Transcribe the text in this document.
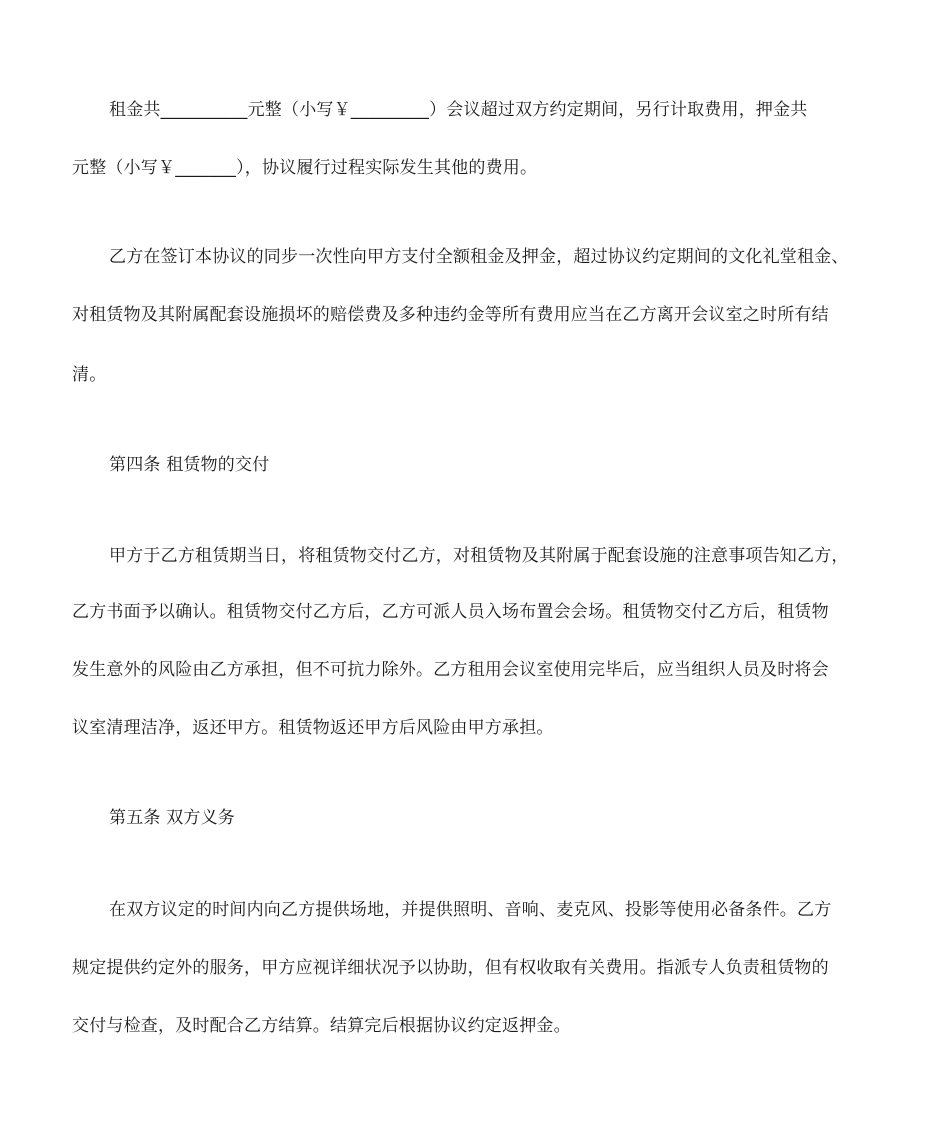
租金共__________元整（小写￥_________）会议超过双方约定期间，另行计取费用，押金共
元整（小写￥_______），协议履行过程实际发生其他的费用。
乙方在签订本协议的同步一次性向甲方支付全额租金及押金，超过协议约定期间的文化礼堂租金、
对租赁物及其附属配套设施损坏的赔偿费及多种违约金等所有费用应当在乙方离开会议室之时所有结
清。
第四条 租赁物的交付
甲方于乙方租赁期当日，将租赁物交付乙方，对租赁物及其附属于配套设施的注意事项告知乙方，
乙方书面予以确认。租赁物交付乙方后，乙方可派人员入场布置会会场。租赁物交付乙方后，租赁物
发生意外的风险由乙方承担，但不可抗力除外。乙方租用会议室使用完毕后，应当组织人员及时将会
议室清理洁净，返还甲方。租赁物返还甲方后风险由甲方承担。
第五条 双方义务
在双方议定的时间内向乙方提供场地，并提供照明、音响、麦克风、投影等使用必备条件。乙方
规定提供约定外的服务，甲方应视详细状况予以协助，但有权收取有关费用。指派专人负责租赁物的
交付与检查，及时配合乙方结算。结算完后根据协议约定返押金。
